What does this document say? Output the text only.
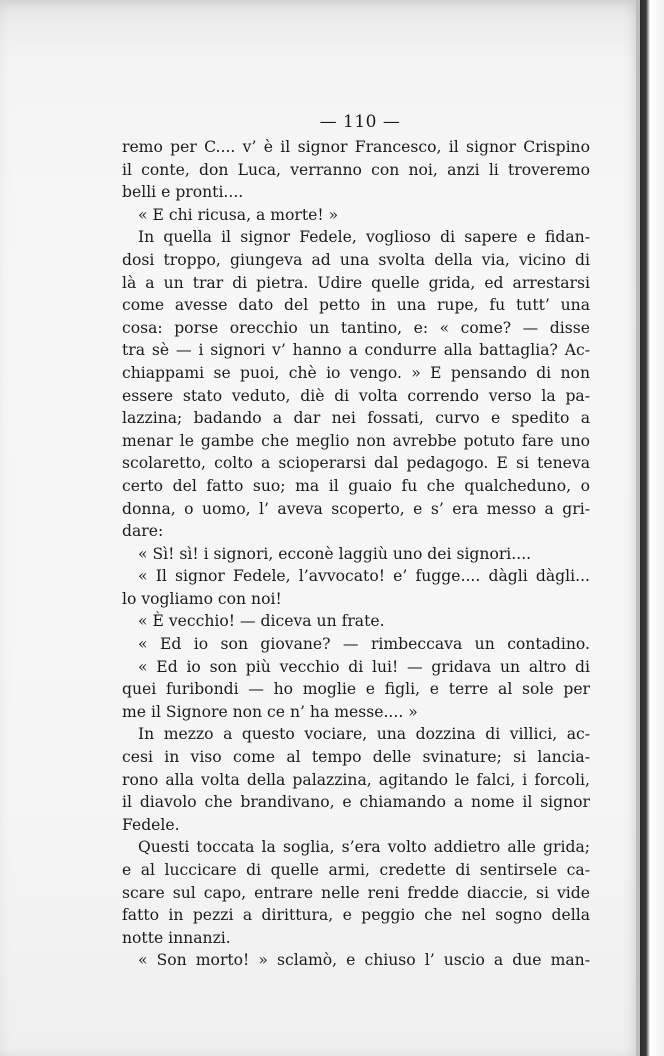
— 110 —
remo per C.... v’ è il signor Francesco, il signor Crispino
il conte, don Luca, verranno con noi, anzi li troveremo
belli e pronti....
« E chi ricusa, a morte! »
In quella il signor Fedele, voglioso di sapere e fidan-
dosi troppo, giungeva ad una svolta della via, vicino di
là a un trar di pietra. Udire quelle grida, ed arrestarsi
come avesse dato del petto in una rupe, fu tutt’ una
cosa: porse orecchio un tantino, e: « come? — disse
tra sè — i signori v’ hanno a condurre alla battaglia? Ac-
chiappami se puoi, chè io vengo. » E pensando di non
essere stato veduto, diè di volta correndo verso la pa-
lazzina; badando a dar nei fossati, curvo e spedito a
menar le gambe che meglio non avrebbe potuto fare uno
scolaretto, colto a scioperarsi dal pedagogo. E si teneva
certo del fatto suo; ma il guaio fu che qualcheduno, o
donna, o uomo, l’ aveva scoperto, e s’ era messo a gri-
dare:
« Sì! sì! i signori, ecconè laggiù uno dei signori....
« Il signor Fedele, l’avvocato! e’ fugge.... dàgli dàgli...
lo vogliamo con noi!
« È vecchio! — diceva un frate.
« Ed io son giovane? — rimbeccava un contadino.
« Ed io son più vecchio di lui! — gridava un altro di
quei furibondi — ho moglie e figli, e terre al sole per
me il Signore non ce n’ ha messe.... »
In mezzo a questo vociare, una dozzina di villici, ac-
cesi in viso come al tempo delle svinature; si lancia-
rono alla volta della palazzina, agitando le falci, i forcoli,
il diavolo che brandivano, e chiamando a nome il signor
Fedele.
Questi toccata la soglia, s’era volto addietro alle grida;
e al luccicare di quelle armi, credette di sentirsele ca-
scare sul capo, entrare nelle reni fredde diaccie, si vide
fatto in pezzi a dirittura, e peggio che nel sogno della
notte innanzi.
« Son morto! » sclamò, e chiuso l’ uscio a due man-
